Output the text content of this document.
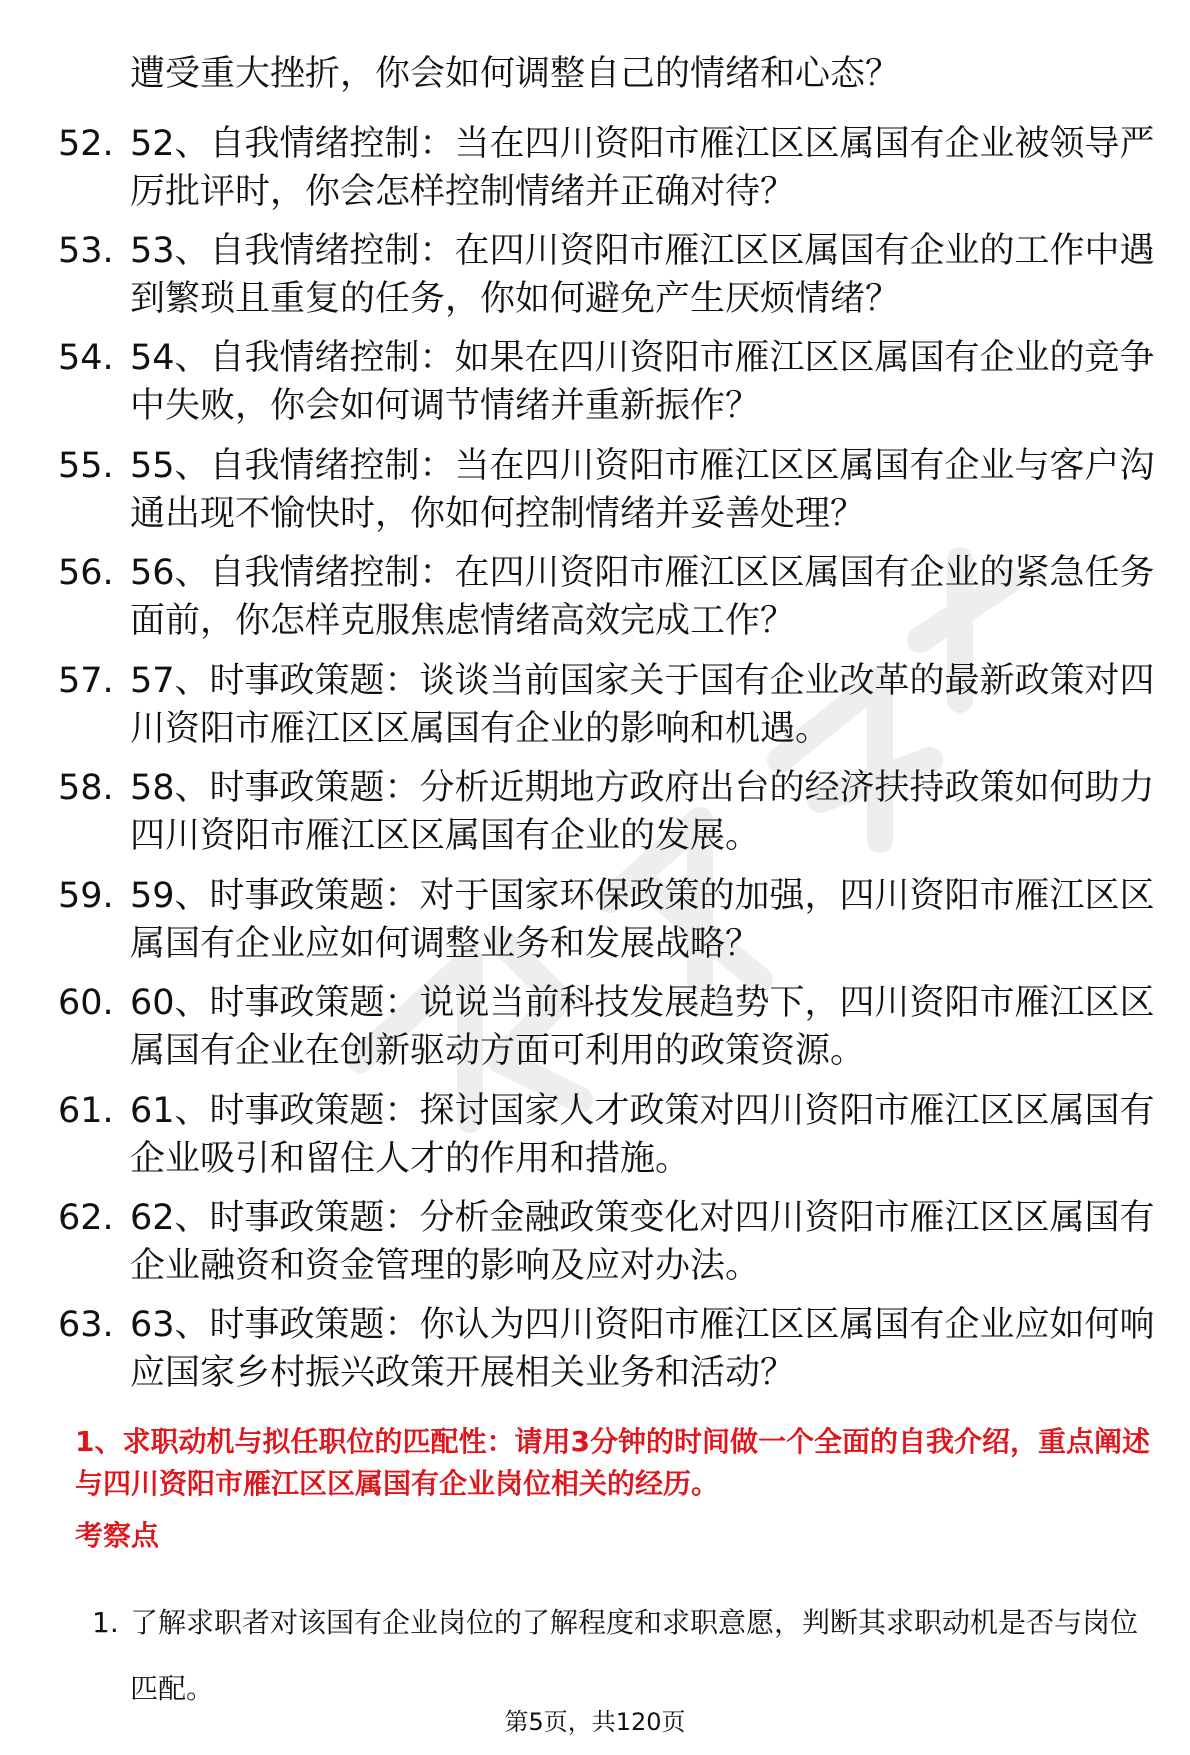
遭受重大挫折，你会如何调整自己的情绪和心态？
52. 52、自我情绪控制：当在四川资阳市雁江区区属国有企业被领导严厉批评时，你会怎样控制情绪并正确对待？
53. 53、自我情绪控制：在四川资阳市雁江区区属国有企业的工作中遇到繁琐且重复的任务，你如何避免产生厌烦情绪？
54. 54、自我情绪控制：如果在四川资阳市雁江区区属国有企业的竞争中失败，你会如何调节情绪并重新振作？
55. 55、自我情绪控制：当在四川资阳市雁江区区属国有企业与客户沟通出现不愉快时，你如何控制情绪并妥善处理？
56. 56、自我情绪控制：在四川资阳市雁江区区属国有企业的紧急任务面前，你怎样克服焦虑情绪高效完成工作？
57. 57、时事政策题：谈谈当前国家关于国有企业改革的最新政策对四川资阳市雁江区区属国有企业的影响和机遇。
58. 58、时事政策题：分析近期地方政府出台的经济扶持政策如何助力四川资阳市雁江区区属国有企业的发展。
59. 59、时事政策题：对于国家环保政策的加强，四川资阳市雁江区区属国有企业应如何调整业务和发展战略？
60. 60、时事政策题：说说当前科技发展趋势下，四川资阳市雁江区区属国有企业在创新驱动方面可利用的政策资源。
61. 61、时事政策题：探讨国家人才政策对四川资阳市雁江区区属国有企业吸引和留住人才的作用和措施。
62. 62、时事政策题：分析金融政策变化对四川资阳市雁江区区属国有企业融资和资金管理的影响及应对办法。
63. 63、时事政策题：你认为四川资阳市雁江区区属国有企业应如何响应国家乡村振兴政策开展相关业务和活动？
1、求职动机与拟任职位的匹配性：请用3分钟的时间做一个全面的自我介绍，重点阐述与四川资阳市雁江区区属国有企业岗位相关的经历。
考察点
1. 了解求职者对该国有企业岗位的了解程度和求职意愿，判断其求职动机是否与岗位匹配。
第5页，共120页
